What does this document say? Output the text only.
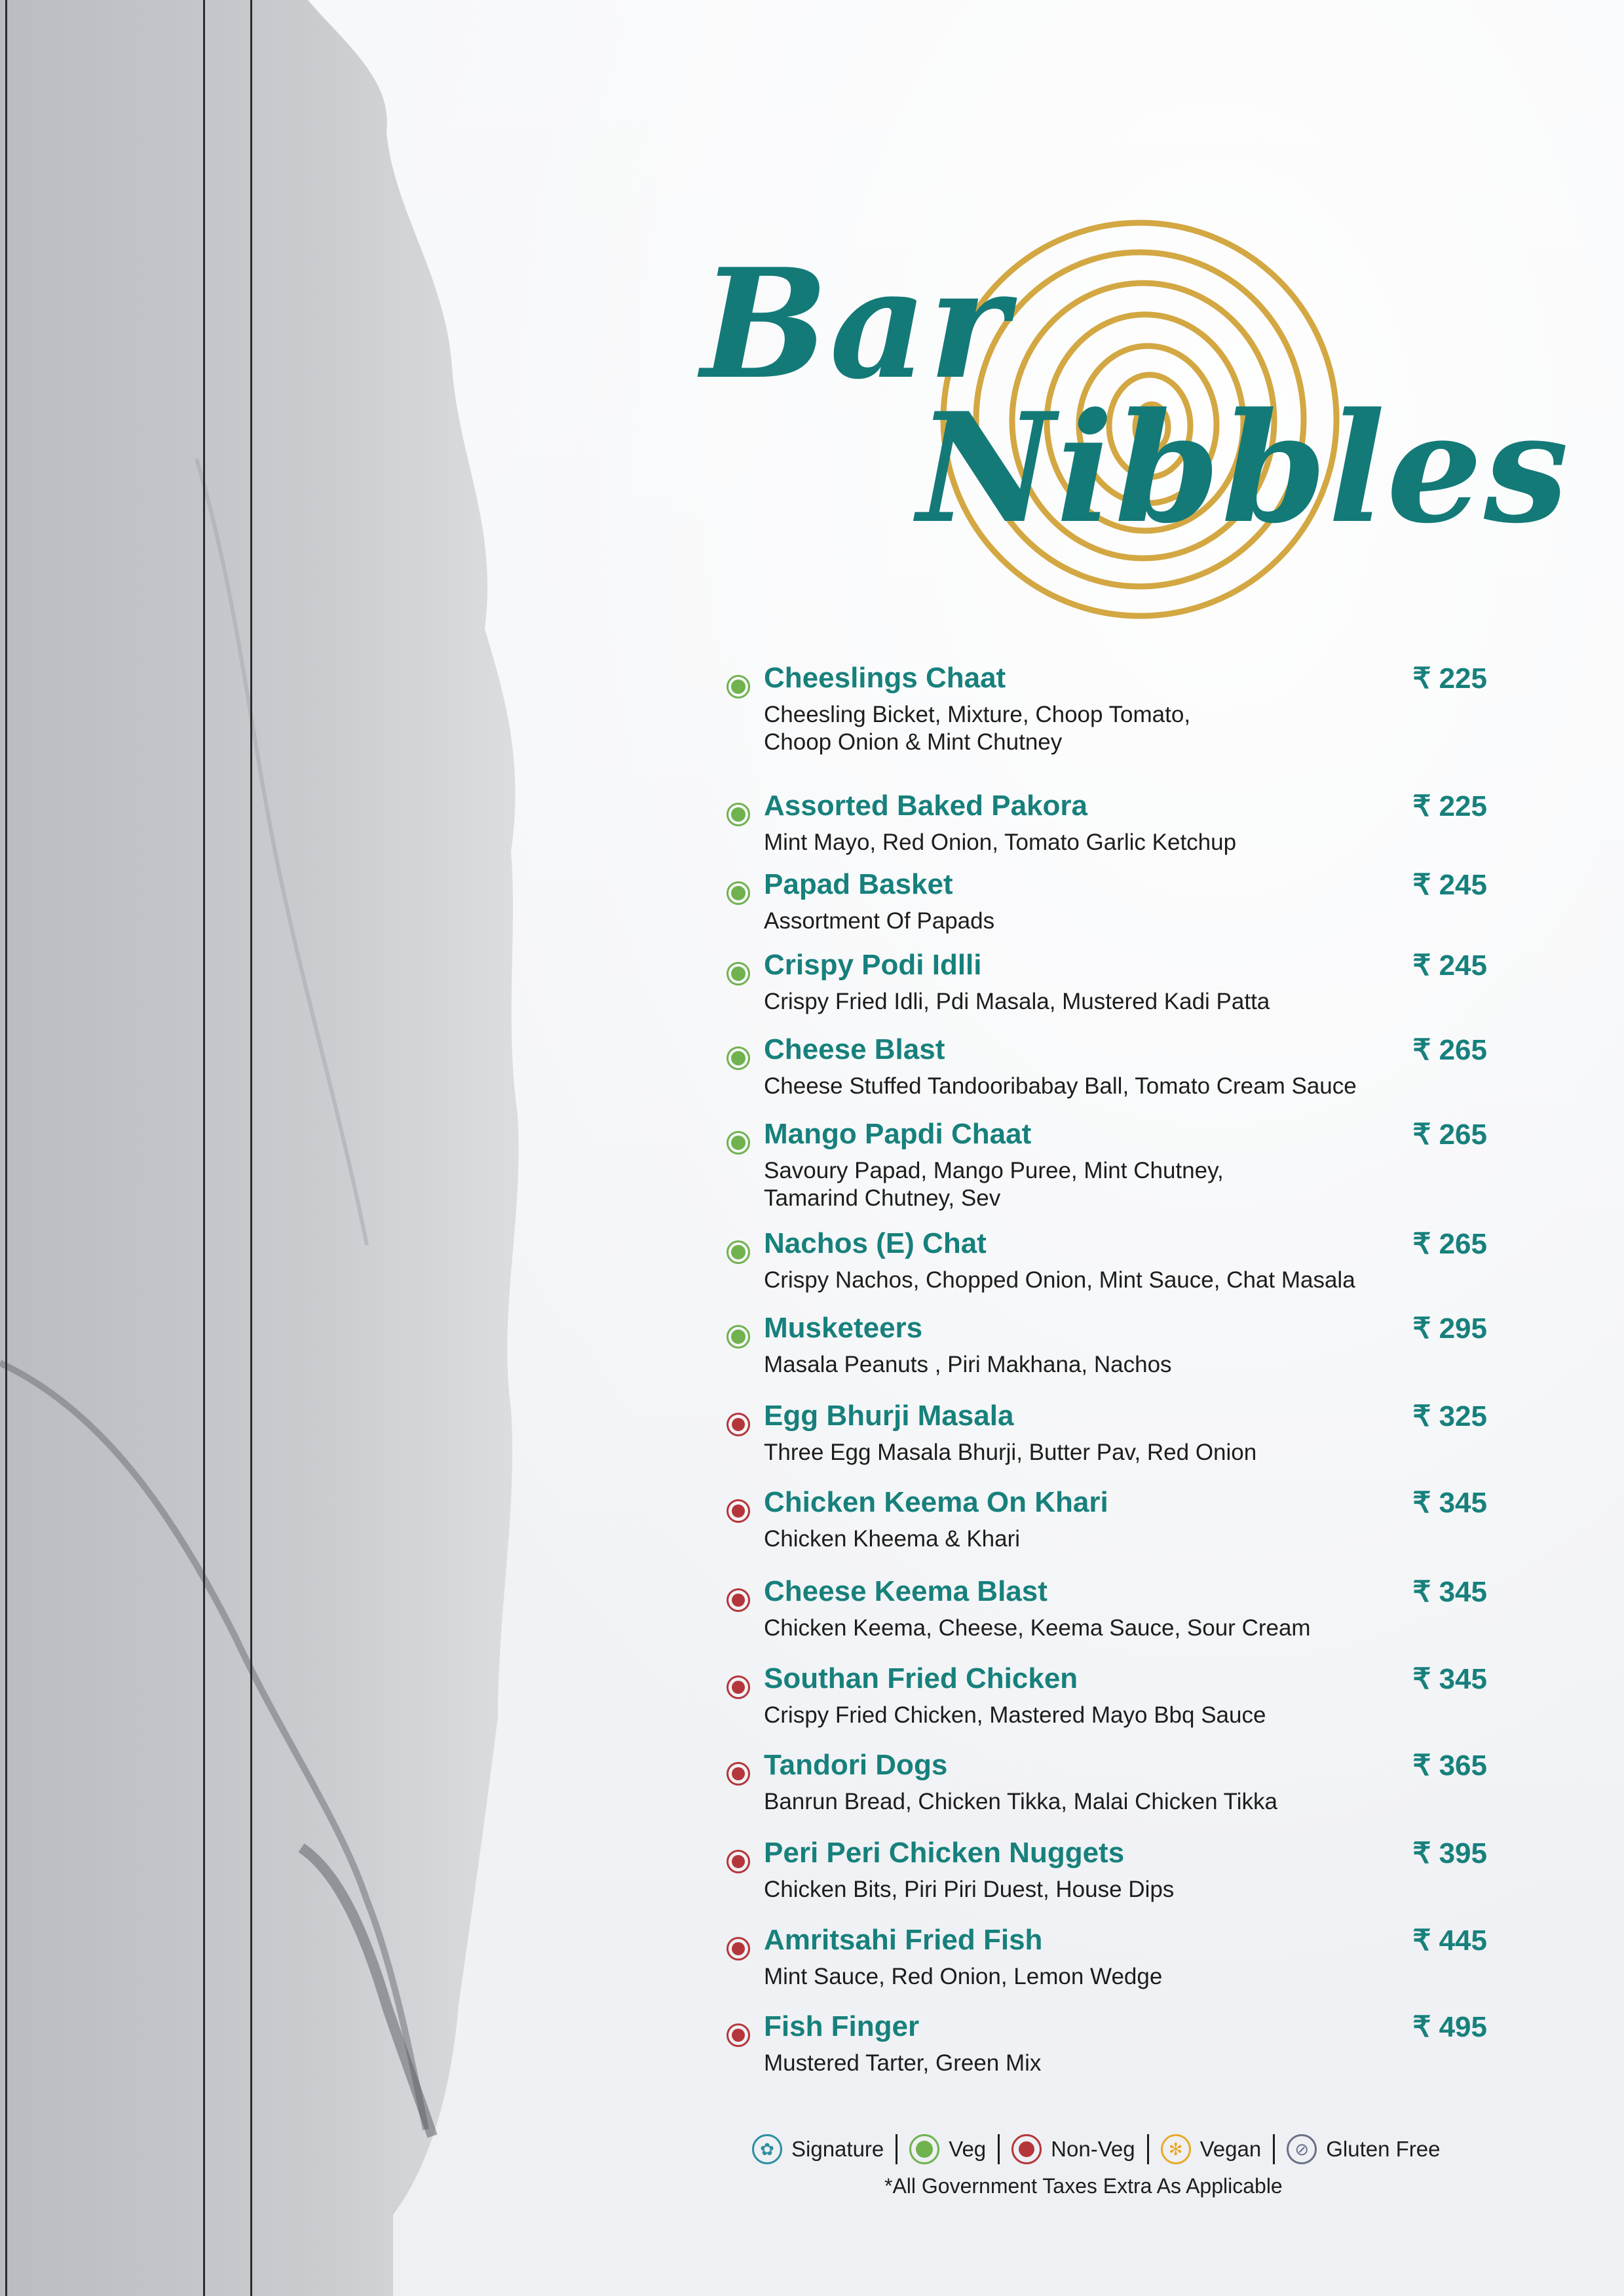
Bar
Nibbles
Cheeslings Chaat
Cheesling Bicket, Mixture, Choop Tomato, Choop Onion & Mint Chutney
₹ 225
Assorted Baked Pakora
Mint Mayo, Red Onion, Tomato Garlic Ketchup
₹ 225
Papad Basket
Assortment Of Papads
₹ 245
Crispy Podi Idlli
Crispy Fried Idli, Pdi Masala, Mustered Kadi Patta
₹ 245
Cheese Blast
Cheese Stuffed Tandooribabay Ball, Tomato Cream Sauce
₹ 265
Mango Papdi Chaat
Savoury Papad, Mango Puree, Mint Chutney, Tamarind Chutney, Sev
₹ 265
Nachos (E) Chat
Crispy Nachos, Chopped Onion, Mint Sauce, Chat Masala
₹ 265
Musketeers
Masala Peanuts , Piri Makhana, Nachos
₹ 295
Egg Bhurji Masala
Three Egg Masala Bhurji, Butter Pav, Red Onion
₹ 325
Chicken Keema On Khari
Chicken Kheema & Khari
₹ 345
Cheese Keema Blast
Chicken Keema, Cheese, Keema Sauce, Sour Cream
₹ 345
Southan Fried Chicken
Crispy Fried Chicken, Mastered Mayo Bbq Sauce
₹ 345
Tandori Dogs
Banrun Bread, Chicken Tikka, Malai Chicken Tikka
₹ 365
Peri Peri Chicken Nuggets
Chicken Bits, Piri Piri Duest, House Dips
₹ 395
Amritsahi Fried Fish
Mint Sauce, Red Onion, Lemon Wedge
₹ 445
Fish Finger
Mustered Tarter, Green Mix
₹ 495
✿ Signature	Veg	Non-Veg	✻ Vegan	⊘ Gluten Free
*All Government Taxes Extra As Applicable
